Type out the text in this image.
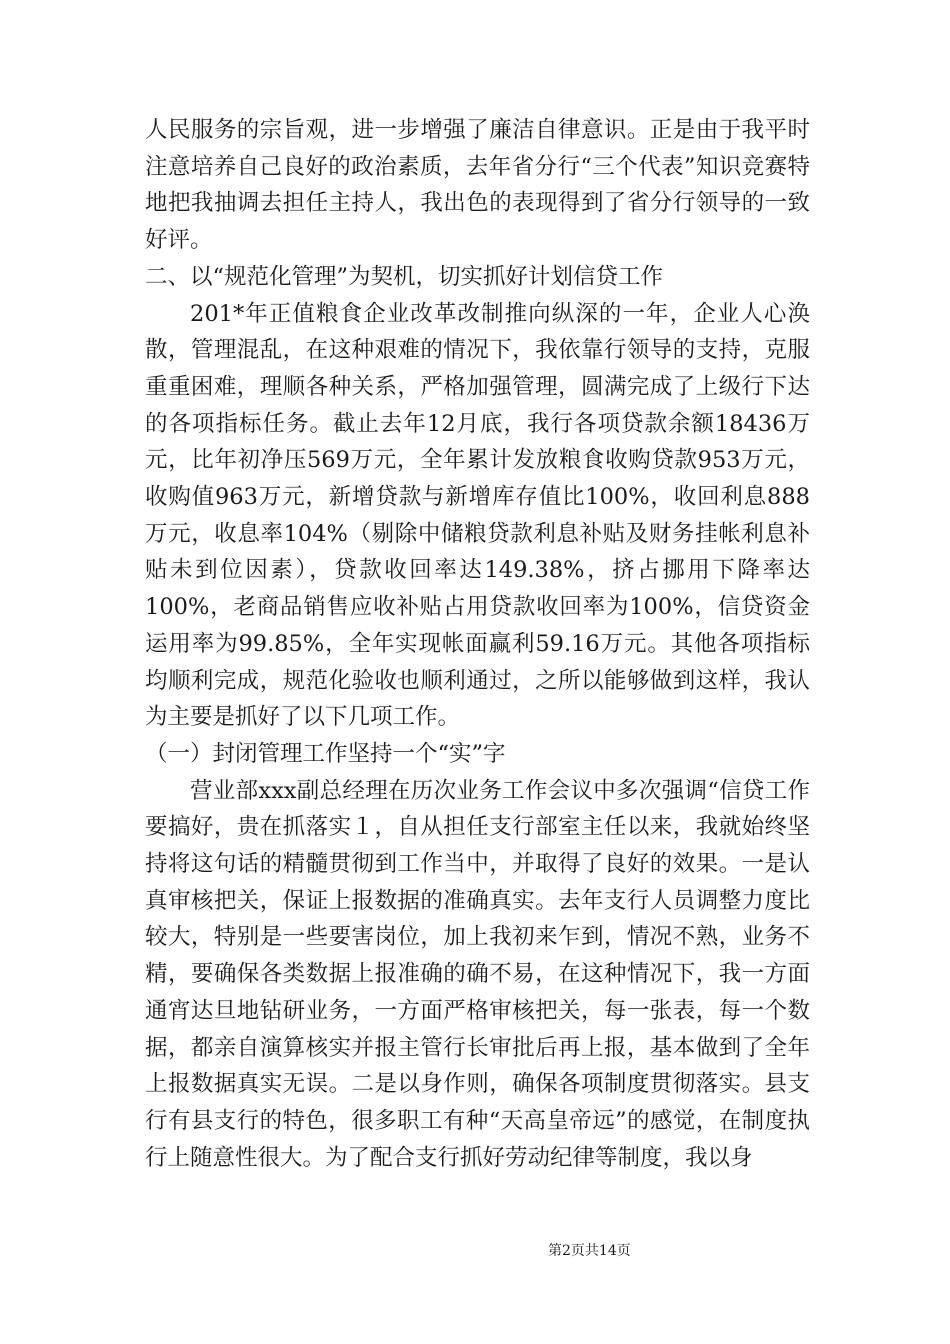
人民服务的宗旨观，进一步增强了廉洁自律意识。正是由于我平时注意培养自己良好的政治素质，去年省分行“三个代表”知识竞赛特地把我抽调去担任主持人，我出色的表现得到了省分行领导的一致好评。

二、以“规范化管理”为契机，切实抓好计划信贷工作

201*年正值粮食企业改革改制推向纵深的一年，企业人心涣散，管理混乱，在这种艰难的情况下，我依靠行领导的支持，克服重重困难，理顺各种关系，严格加强管理，圆满完成了上级行下达的各项指标任务。截止去年12月底，我行各项贷款余额18436万元，比年初净压569万元，全年累计发放粮食收购贷款953万元，收购值963万元，新增贷款与新增库存值比100%，收回利息888万元，收息率104%（剔除中储粮贷款利息补贴及财务挂帐利息补贴未到位因素），贷款收回率达149.38%，挤占挪用下降率达100%，老商品销售应收补贴占用贷款收回率为100%，信贷资金运用率为99.85%，全年实现帐面赢利59.16万元。其他各项指标均顺利完成，规范化验收也顺利通过，之所以能够做到这样，我认为主要是抓好了以下几项工作。

（一）封闭管理工作坚持一个“实”字

营业部xxx副总经理在历次业务工作会议中多次强调“信贷工作要搞好，贵在抓落实１，自从担任支行部室主任以来，我就始终坚持将这句话的精髓贯彻到工作当中，并取得了良好的效果。一是认真审核把关，保证上报数据的准确真实。去年支行人员调整力度比较大，特别是一些要害岗位，加上我初来乍到，情况不熟，业务不精，要确保各类数据上报准确的确不易，在这种情况下，我一方面通宵达旦地钻研业务，一方面严格审核把关，每一张表，每一个数据，都亲自演算核实并报主管行长审批后再上报，基本做到了全年上报数据真实无误。二是以身作则，确保各项制度贯彻落实。县支行有县支行的特色，很多职工有种“天高皇帝远”的感觉，在制度执行上随意性很大。为了配合支行抓好劳动纪律等制度，我以身

第2页共14页
